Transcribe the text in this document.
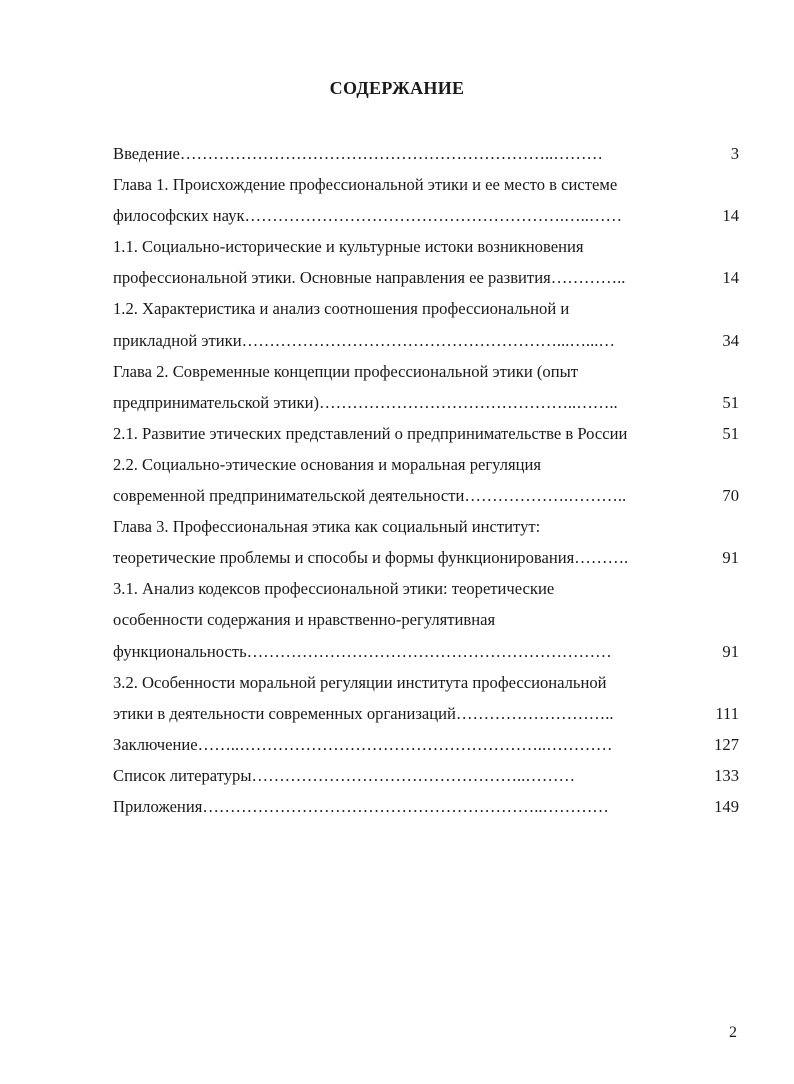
СОДЕРЖАНИЕ
Введение…………………………………………………………..………	3
Глава 1. Происхождение профессиональной этики и ее место в системе
философских наук………………………………………………….…..……	14
1.1. Социально-исторические и культурные истоки возникновения
профессиональной этики. Основные направления ее развития…………..	14
1.2. Характеристика и анализ соотношения профессиональной и
прикладной этики…………………………………………………...…...…	34
Глава 2. Современные концепции профессиональной этики (опыт
предпринимательской этики)………………………………………..……..	51
2.1. Развитие этических представлений о предпринимательстве в России	51
2.2. Социально-этические основания и моральная регуляция
современной предпринимательской деятельности……………….………..	70
Глава 3. Профессиональная этика как социальный институт:
теоретические проблемы и способы и формы функционирования……….	91
3.1. Анализ кодексов профессиональной этики: теоретические
особенности содержания и нравственно-регулятивная
функциональность…………………………………………………………	91
3.2. Особенности моральной регуляции института профессиональной
этики в деятельности современных организаций………………………..	111
Заключение……..………………………………………………..…………	127
Список литературы…………………………………………..………	133
Приложения……………………………………………………..…………	149
2
